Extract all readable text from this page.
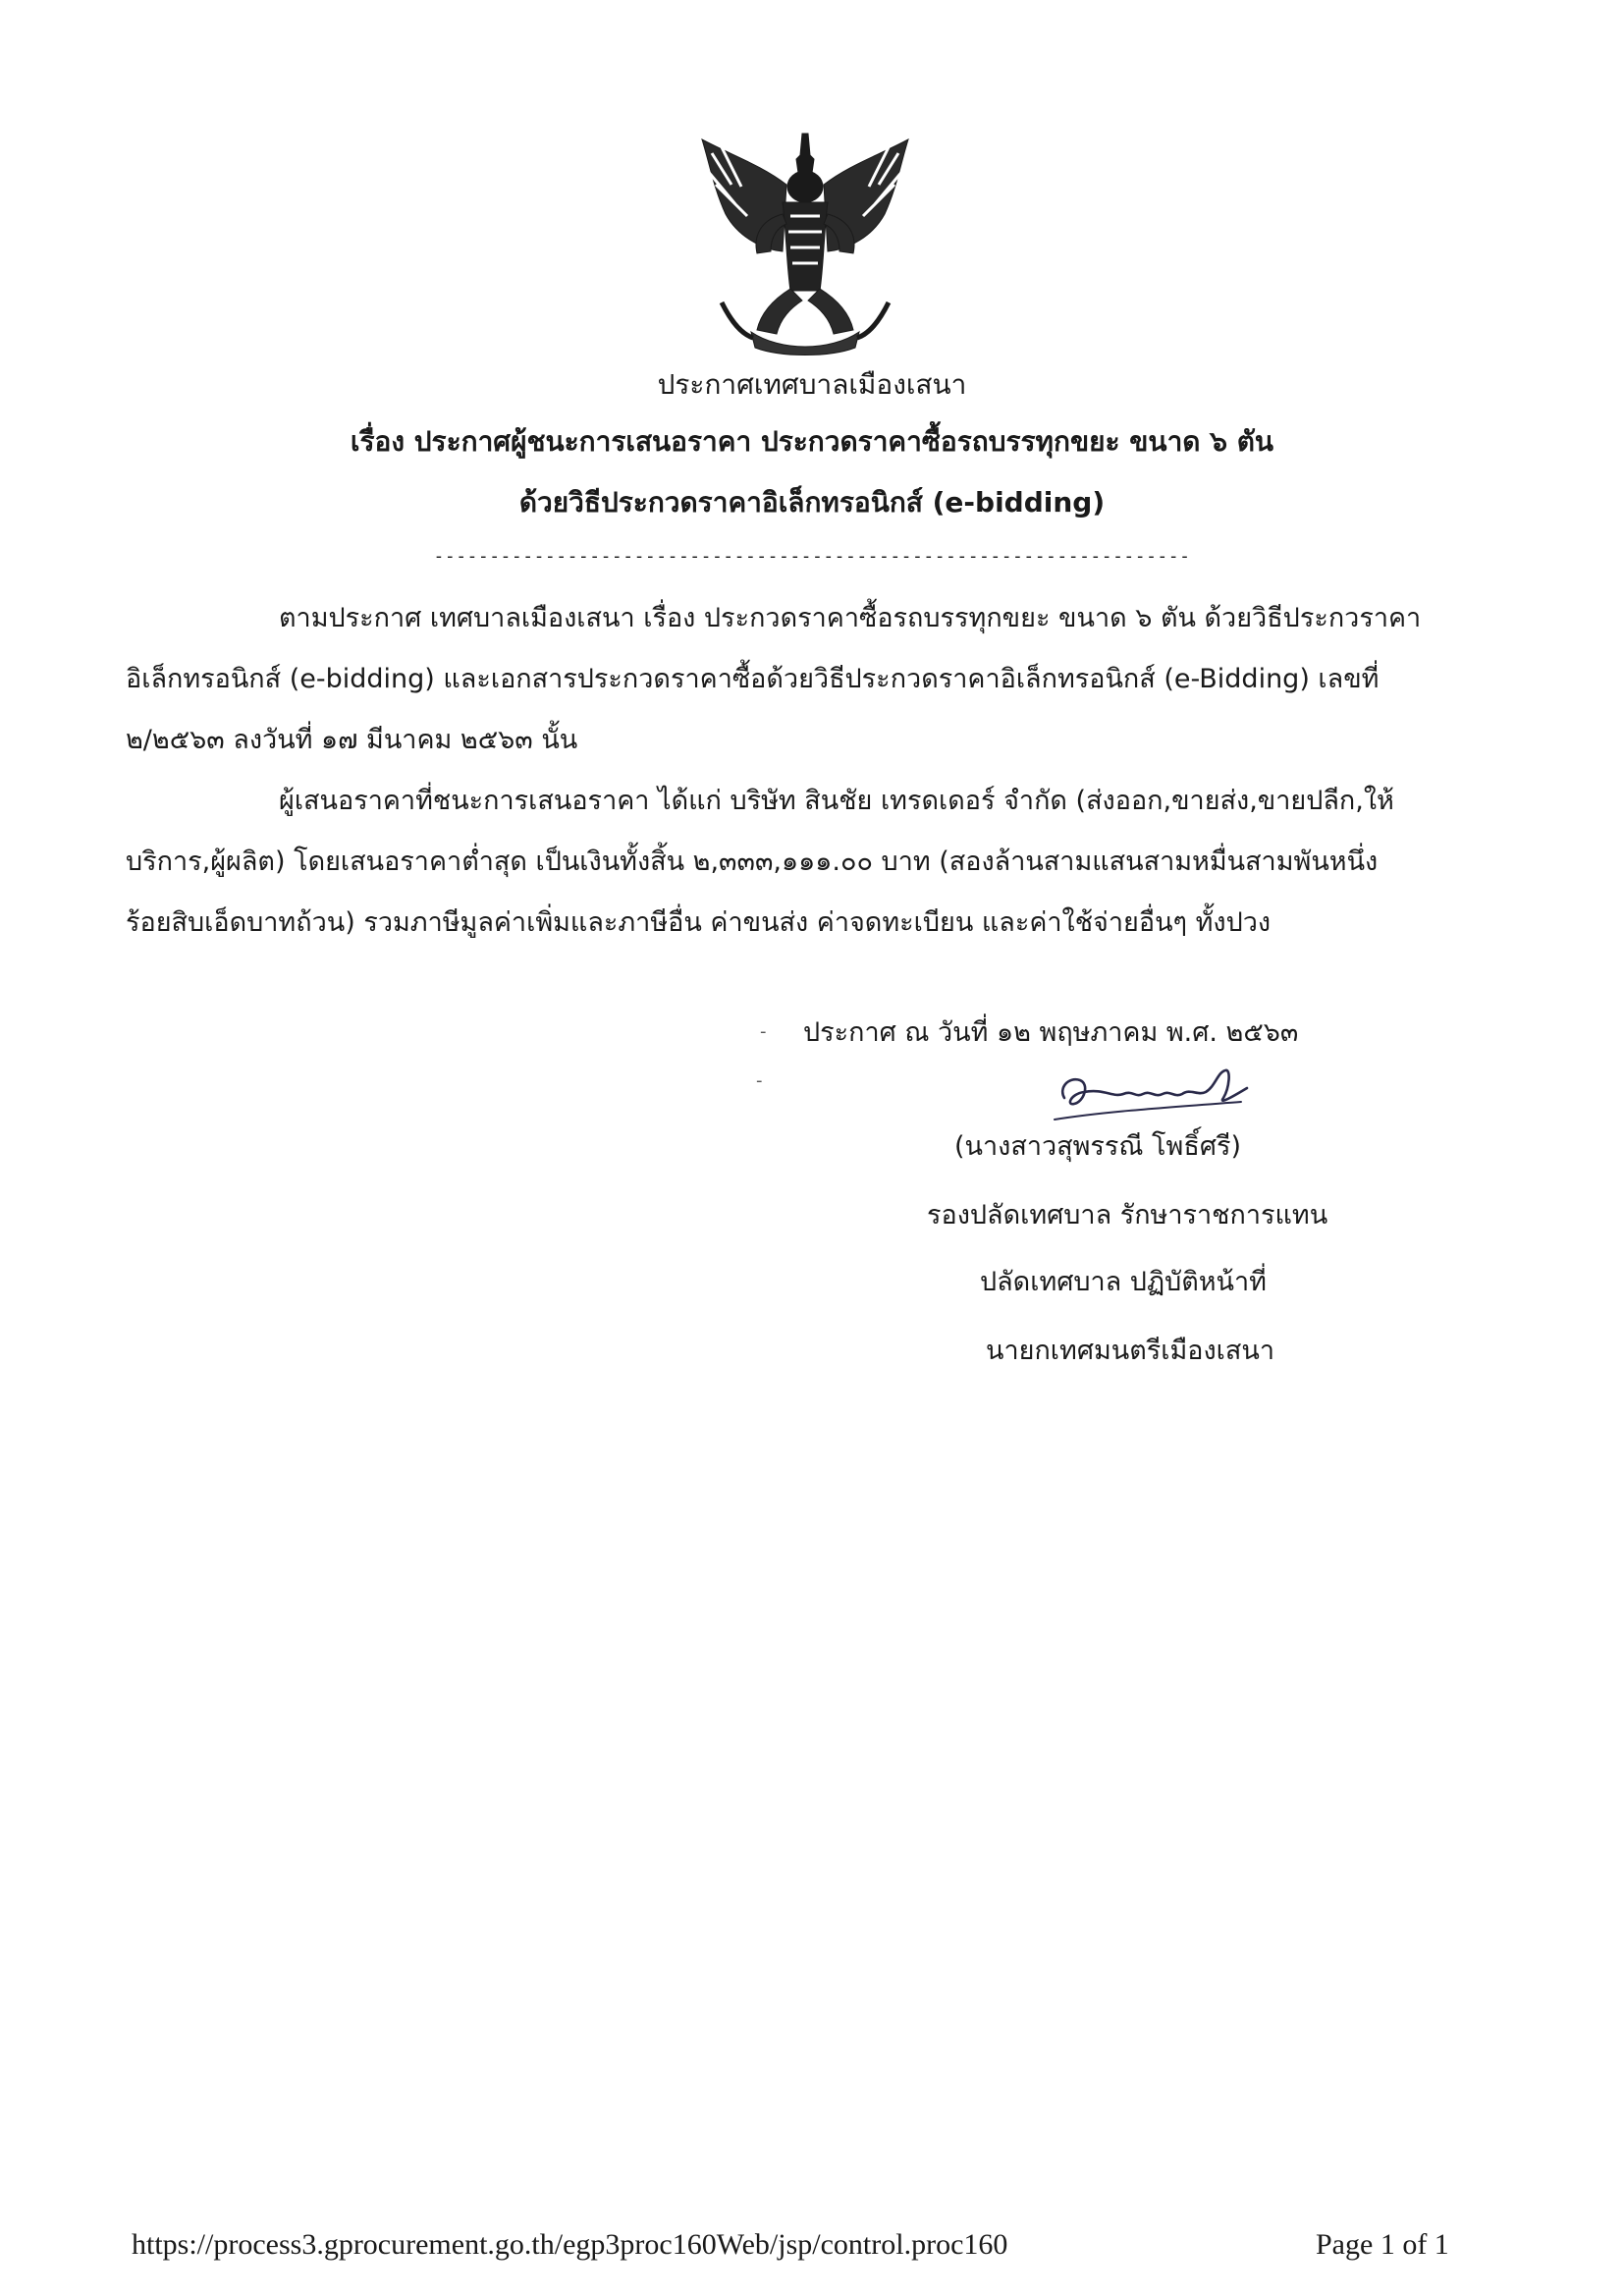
ประกาศเทศบาลเมืองเสนา
เรื่อง ประกาศผู้ชนะการเสนอราคา ประกวดราคาซื้อรถบรรทุกขยะ ขนาด ๖ ตัน
ด้วยวิธีประกวดราคาอิเล็กทรอนิกส์ (e-bidding)
--------------------------------------------------------------------
ตามประกาศ เทศบาลเมืองเสนา เรื่อง ประกวดราคาซื้อรถบรรทุกขยะ ขนาด ๖ ตัน ด้วยวิธีประกวราคา
อิเล็กทรอนิกส์ (e-bidding) และเอกสารประกวดราคาซื้อด้วยวิธีประกวดราคาอิเล็กทรอนิกส์ (e-Bidding) เลขที่
๒/๒๕๖๓ ลงวันที่ ๑๗ มีนาคม ๒๕๖๓ นั้น
ผู้เสนอราคาที่ชนะการเสนอราคา ได้แก่ บริษัท สินชัย เทรดเดอร์ จำกัด (ส่งออก,ขายส่ง,ขายปลีก,ให้
บริการ,ผู้ผลิต) โดยเสนอราคาต่ำสุด เป็นเงินทั้งสิ้น ๒,๓๓๓,๑๑๑.๐๐ บาท (สองล้านสามแสนสามหมื่นสามพันหนึ่ง
ร้อยสิบเอ็ดบาทถ้วน) รวมภาษีมูลค่าเพิ่มและภาษีอื่น ค่าขนส่ง ค่าจดทะเบียน และค่าใช้จ่ายอื่นๆ ทั้งปวง
-
-
ประกาศ ณ วันที่ ๑๒ พฤษภาคม พ.ศ. ๒๕๖๓
(นางสาวสุพรรณี โพธิ์ศรี)
รองปลัดเทศบาล รักษาราชการแทน
ปลัดเทศบาล ปฏิบัติหน้าที่
นายกเทศมนตรีเมืองเสนา
https://process3.gprocurement.go.th/egp3proc160Web/jsp/control.proc160	Page 1 of 1
